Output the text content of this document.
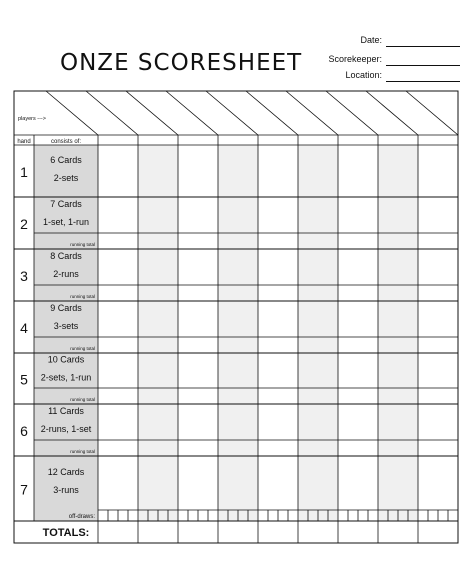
ONZE SCORESHEET
Date:
Scorekeeper:
Location:
running total
running total
running total
running total
running total
off-draws:
players --->
hand	consists of:
1
6 Cards
2-sets
2
7 Cards
1-set, 1-run
3
8 Cards
2-runs
4
9 Cards
3-sets
5
10 Cards
2-sets, 1-run
6
11 Cards
2-runs, 1-set
7
12 Cards
3-runs
TOTALS:
